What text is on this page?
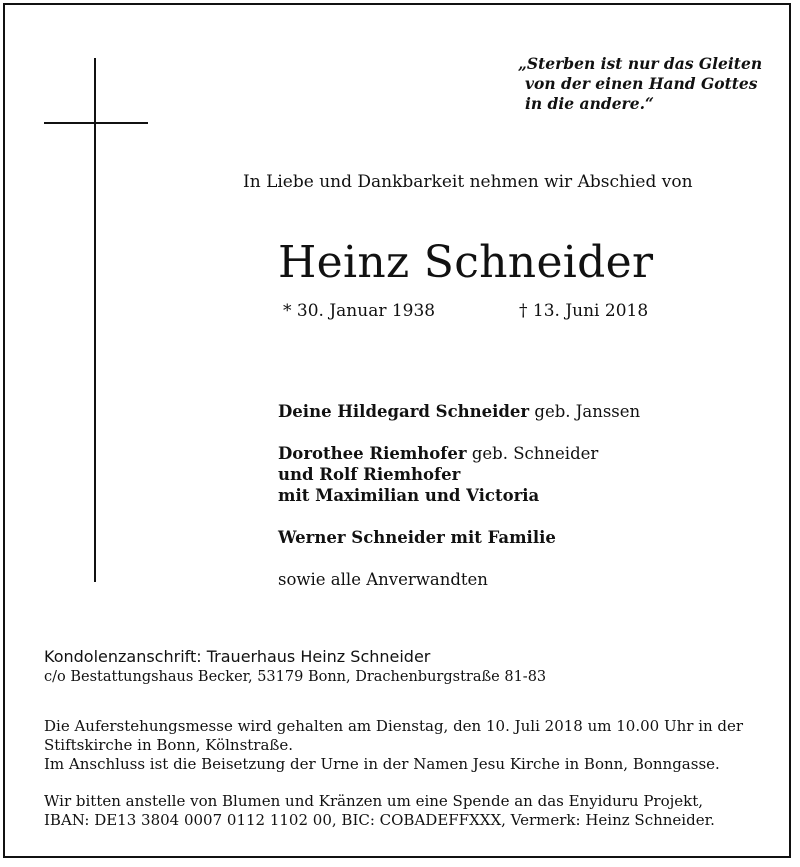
„Sterben ist nur das Gleiten
von der einen Hand Gottes
in die andere.“
In Liebe und Dankbarkeit nehmen wir Abschied von
Heinz Schneider
* 30. Januar 1938	† 13. Juni 2018
Deine Hildegard Schneider geb. Janssen
Dorothee Riemhofer geb. Schneider
und Rolf Riemhofer
mit Maximilian und Victoria
Werner Schneider mit Familie
sowie alle Anverwandten
Kondolenzanschrift: Trauerhaus Heinz Schneider
c/o Bestattungshaus Becker, 53179 Bonn, Drachenburgstraße 81-83
Die Auferstehungsmesse wird gehalten am Dienstag, den 10. Juli 2018 um 10.00 Uhr in der
Stiftskirche in Bonn, Kölnstraße.
Im Anschluss ist die Beisetzung der Urne in der Namen Jesu Kirche in Bonn, Bonngasse.
Wir bitten anstelle von Blumen und Kränzen um eine Spende an das Enyiduru Projekt,
IBAN: DE13 3804 0007 0112 1102 00, BIC: COBADEFFXXX, Vermerk: Heinz Schneider.
